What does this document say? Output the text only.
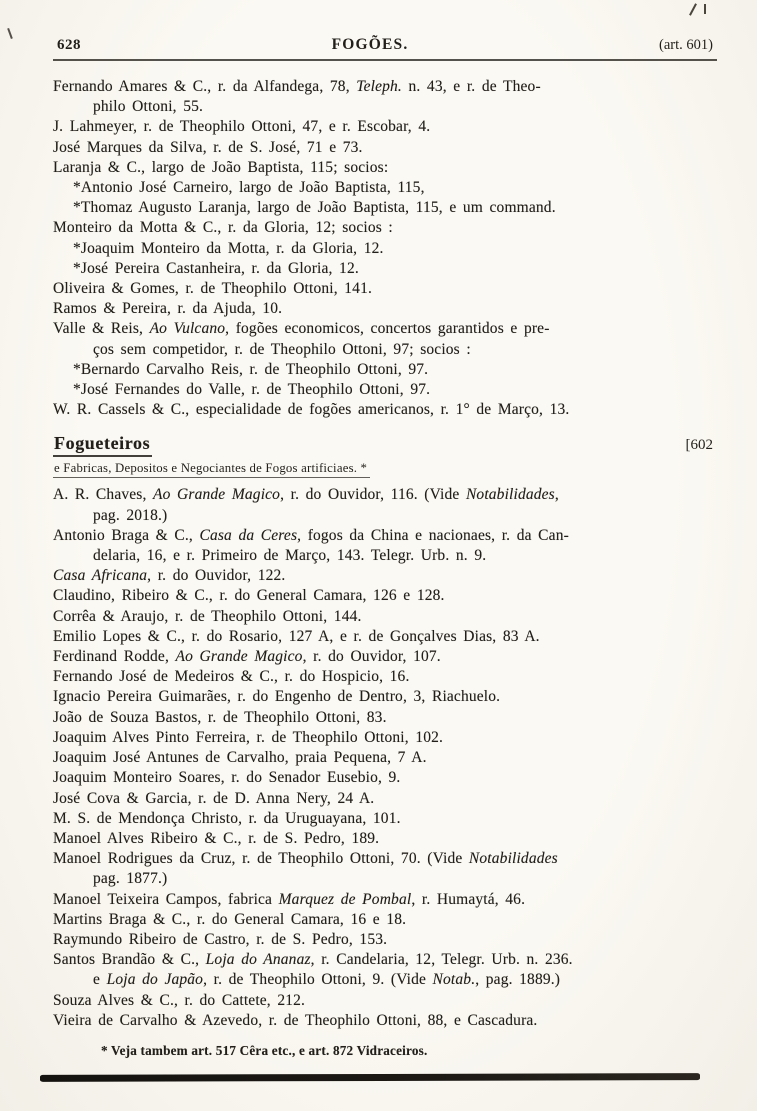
628	FOGÕES.	(art. 601)

Fernando Amares & C., r. da Alfandega, 78, Teleph. n. 43, e r. de Theo-
philo Ottoni, 55.

J. Lahmeyer, r. de Theophilo Ottoni, 47, e r. Escobar, 4.

José Marques da Silva, r. de S. José, 71 e 73.

Laranja & C., largo de João Baptista, 115; socios:

*Antonio José Carneiro, largo de João Baptista, 115,

*Thomaz Augusto Laranja, largo de João Baptista, 115, e um command.

Monteiro da Motta & C., r. da Gloria, 12; socios :

*Joaquim Monteiro da Motta, r. da Gloria, 12.

*José Pereira Castanheira, r. da Gloria, 12.

Oliveira & Gomes, r. de Theophilo Ottoni, 141.

Ramos & Pereira, r. da Ajuda, 10.

Valle & Reis, Ao Vulcano, fogões economicos, concertos garantidos e pre-
ços sem competidor, r. de Theophilo Ottoni, 97; socios :

*Bernardo Carvalho Reis, r. de Theophilo Ottoni, 97.

*José Fernandes do Valle, r. de Theophilo Ottoni, 97.

W. R. Cassels & C., especialidade de fogões americanos, r. 1° de Março, 13.

Fogueteiros	[602
e Fabricas, Depositos e Negociantes de Fogos artificiaes. *

A. R. Chaves, Ao Grande Magico, r. do Ouvidor, 116. (Vide Notabilidades,
pag. 2018.)

Antonio Braga & C., Casa da Ceres, fogos da China e nacionaes, r. da Can-
delaria, 16, e r. Primeiro de Março, 143. Telegr. Urb. n. 9.

Casa Africana, r. do Ouvidor, 122.

Claudino, Ribeiro & C., r. do General Camara, 126 e 128.

Corrêa & Araujo, r. de Theophilo Ottoni, 144.

Emilio Lopes & C., r. do Rosario, 127 A, e r. de Gonçalves Dias, 83 A.

Ferdinand Rodde, Ao Grande Magico, r. do Ouvidor, 107.

Fernando José de Medeiros & C., r. do Hospicio, 16.

Ignacio Pereira Guimarães, r. do Engenho de Dentro, 3, Riachuelo.

João de Souza Bastos, r. de Theophilo Ottoni, 83.

Joaquim Alves Pinto Ferreira, r. de Theophilo Ottoni, 102.

Joaquim José Antunes de Carvalho, praia Pequena, 7 A.

Joaquim Monteiro Soares, r. do Senador Eusebio, 9.

José Cova & Garcia, r. de D. Anna Nery, 24 A.

M. S. de Mendonça Christo, r. da Uruguayana, 101.

Manoel Alves Ribeiro & C., r. de S. Pedro, 189.

Manoel Rodrigues da Cruz, r. de Theophilo Ottoni, 70. (Vide Notabilidades
pag. 1877.)

Manoel Teixeira Campos, fabrica Marquez de Pombal, r. Humaytá, 46.

Martins Braga & C., r. do General Camara, 16 e 18.

Raymundo Ribeiro de Castro, r. de S. Pedro, 153.

Santos Brandão & C., Loja do Ananaz, r. Candelaria, 12, Telegr. Urb. n. 236.
e Loja do Japão, r. de Theophilo Ottoni, 9. (Vide Notab., pag. 1889.)

Souza Alves & C., r. do Cattete, 212.

Vieira de Carvalho & Azevedo, r. de Theophilo Ottoni, 88, e Cascadura.

* Veja tambem art. 517 Cêra etc., e art. 872 Vidraceiros.
